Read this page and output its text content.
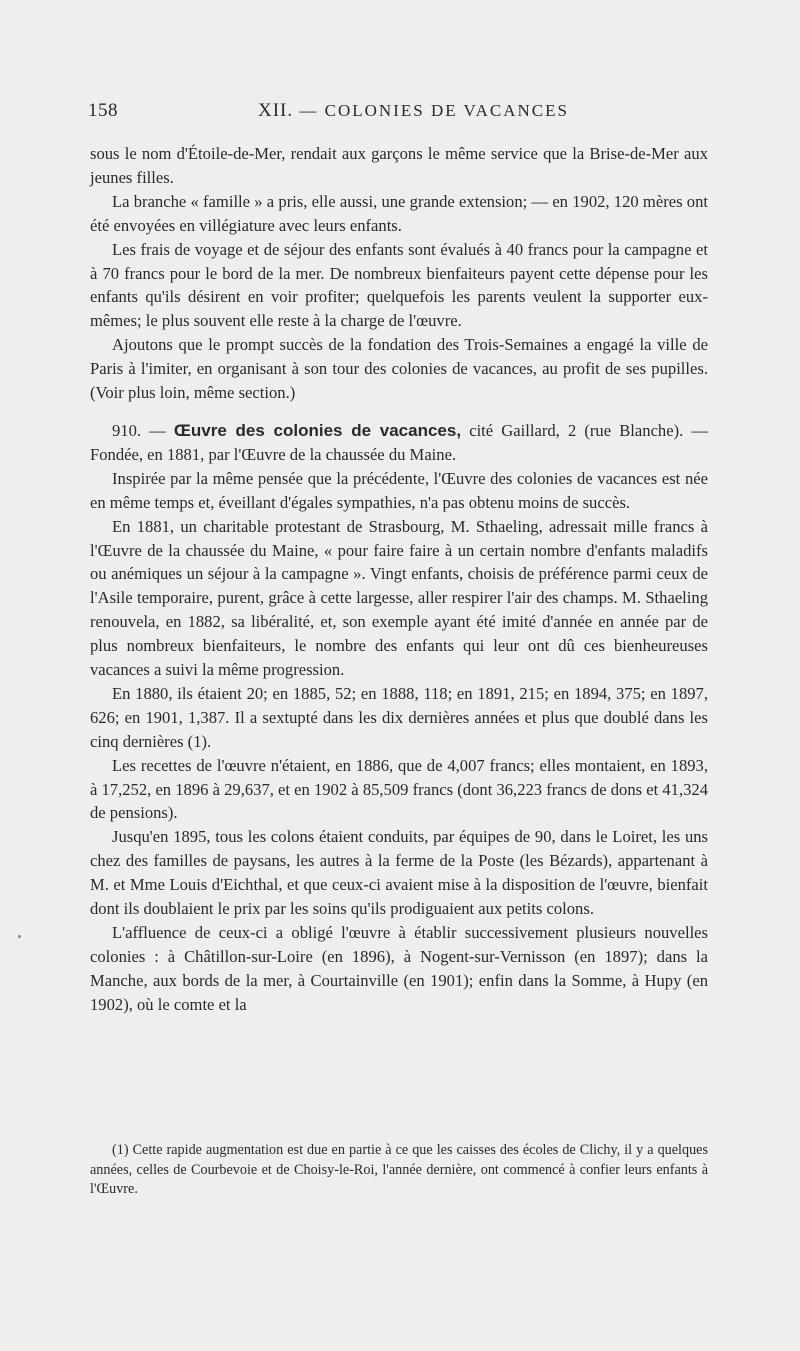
158	XII. — COLONIES DE VACANCES

sous le nom d'Étoile-de-Mer, rendait aux garçons le même service que la Brise-de-Mer aux jeunes filles.

La branche « famille » a pris, elle aussi, une grande extension; — en 1902, 120 mères ont été envoyées en villégiature avec leurs enfants.

Les frais de voyage et de séjour des enfants sont évalués à 40 francs pour la campagne et à 70 francs pour le bord de la mer. De nombreux bienfaiteurs payent cette dépense pour les enfants qu'ils désirent en voir profiter; quelquefois les parents veulent la supporter eux-mêmes; le plus souvent elle reste à la charge de l'œuvre.

Ajoutons que le prompt succès de la fondation des Trois-Semaines a engagé la ville de Paris à l'imiter, en organisant à son tour des colonies de vacances, au profit de ses pupilles. (Voir plus loin, même section.)

910. — Œuvre des colonies de vacances, cité Gaillard, 2 (rue Blanche). — Fondée, en 1881, par l'Œuvre de la chaussée du Maine.

Inspirée par la même pensée que la précédente, l'Œuvre des colonies de vacances est née en même temps et, éveillant d'égales sympathies, n'a pas obtenu moins de succès.

En 1881, un charitable protestant de Strasbourg, M. Sthaeling, adressait mille francs à l'Œuvre de la chaussée du Maine, « pour faire faire à un certain nombre d'enfants maladifs ou anémiques un séjour à la campagne ». Vingt enfants, choisis de préférence parmi ceux de l'Asile temporaire, purent, grâce à cette largesse, aller respirer l'air des champs. M. Sthaeling renouvela, en 1882, sa libéralité, et, son exemple ayant été imité d'année en année par de plus nombreux bienfaiteurs, le nombre des enfants qui leur ont dû ces bienheureuses vacances a suivi la même progression.

En 1880, ils étaient 20; en 1885, 52; en 1888, 118; en 1891, 215; en 1894, 375; en 1897, 626; en 1901, 1,387. Il a sextupté dans les dix dernières années et plus que doublé dans les cinq dernières (1).

Les recettes de l'œuvre n'étaient, en 1886, que de 4,007 francs; elles montaient, en 1893, à 17,252, en 1896 à 29,637, et en 1902 à 85,509 francs (dont 36,223 francs de dons et 41,324 de pensions).

Jusqu'en 1895, tous les colons étaient conduits, par équipes de 90, dans le Loiret, les uns chez des familles de paysans, les autres à la ferme de la Poste (les Bézards), appartenant à M. et Mme Louis d'Eichthal, et que ceux-ci avaient mise à la disposition de l'œuvre, bienfait dont ils doublaient le prix par les soins qu'ils prodiguaient aux petits colons.

L'affluence de ceux-ci a obligé l'œuvre à établir successivement plusieurs nouvelles colonies : à Châtillon-sur-Loire (en 1896), à Nogent-sur-Vernisson (en 1897); dans la Manche, aux bords de la mer, à Courtainville (en 1901); enfin dans la Somme, à Hupy (en 1902), où le comte et la

(1) Cette rapide augmentation est due en partie à ce que les caisses des écoles de Clichy, il y a quelques années, celles de Courbevoie et de Choisy-le-Roi, l'année dernière, ont commencé à confier leurs enfants à l'Œuvre.
